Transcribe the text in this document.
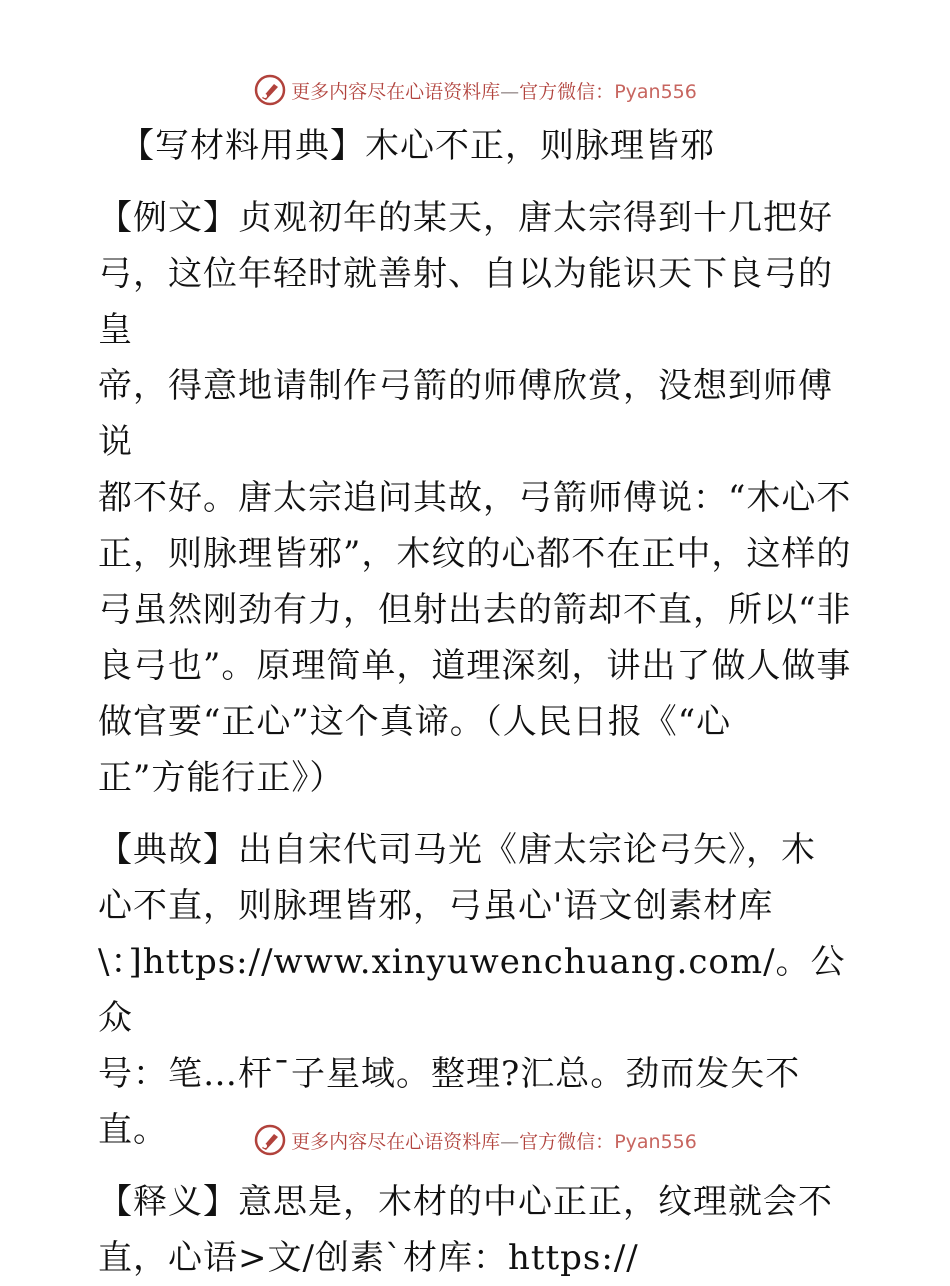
更多内容尽在心语资料库—官方微信：Pyan556

【写材料用典】木心不正，则脉理皆邪

【例文】贞观初年的某天，唐太宗得到十几把好

弓，这位年轻时就善射、自以为能识天下良弓的皇

帝，得意地请制作弓箭的师傅欣赏，没想到师傅说

都不好。唐太宗追问其故，弓箭师傅说：“木心不

正，则脉理皆邪”，木纹的心都不在正中，这样的

弓虽然刚劲有力，但射出去的箭却不直，所以“非

良弓也”。原理简单，道理深刻，讲出了做人做事

做官要“正心”这个真谛。（人民日报《“心

正”方能行正》）

【典故】出自宋代司马光《唐太宗论弓矢》，木

心不直，则脉理皆邪，弓虽心'语文创素材库

\：]https://www.xinyuwenchuang.com/。公众

号：笔…杆¯子星域。整理?汇总。劲而发矢不直。

【释义】意思是，木材的中心正正，纹理就会不

直，心语>文/创素`材库：https://

更多内容尽在心语资料库—官方微信：Pyan556
